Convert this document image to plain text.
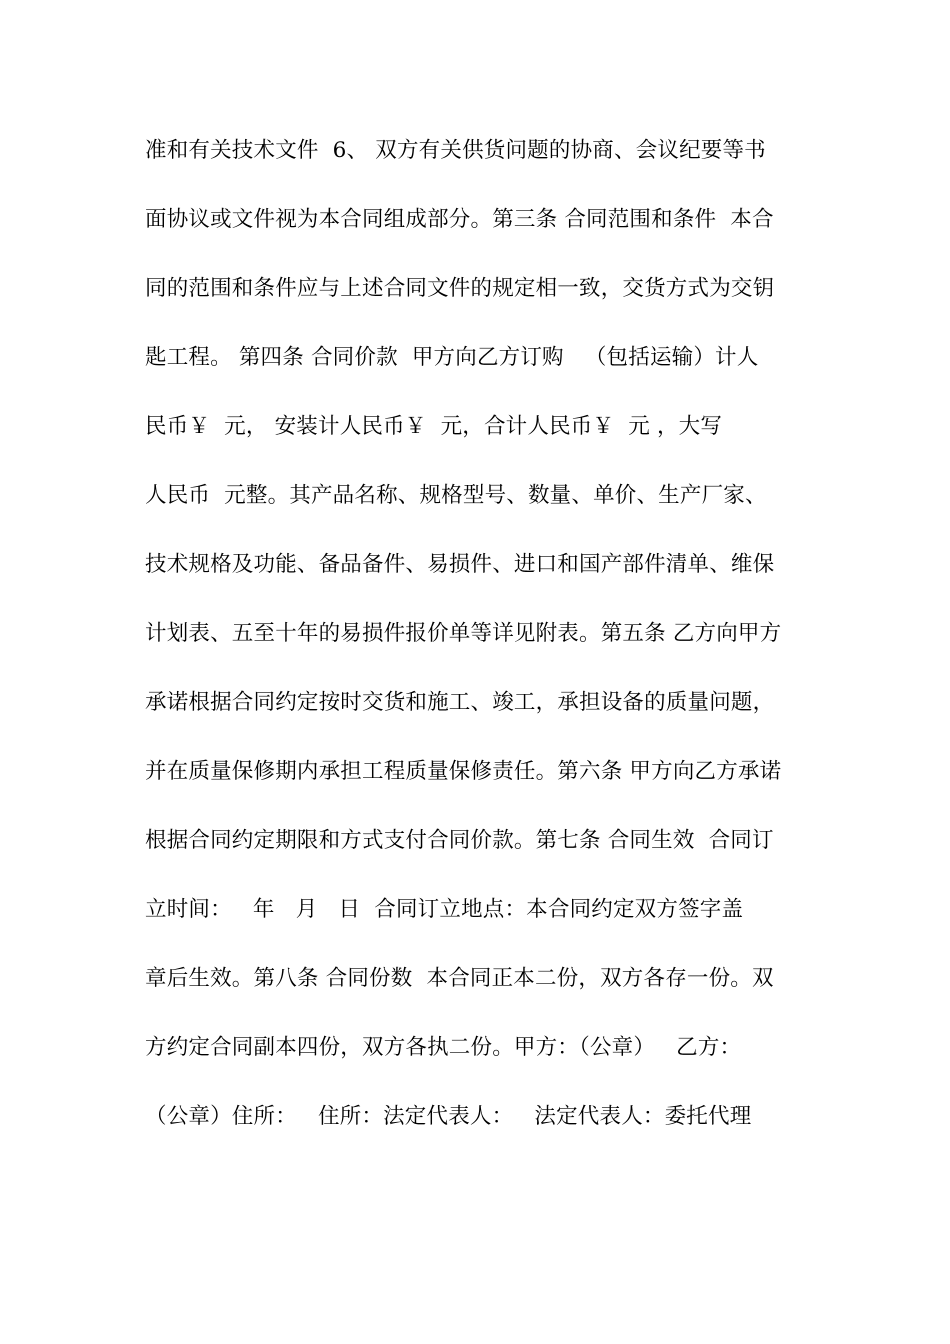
准和有关技术文件  6、 双方有关供货问题的协商、会议纪要等书
面协议或文件视为本合同组成部分。第三条 合同范围和条件  本合
同的范围和条件应与上述合同文件的规定相一致，交货方式为交钥
匙工程。 第四条 合同价款  甲方向乙方订购   （包括运输）计人
民币￥  元， 安装计人民币￥  元，合计人民币￥  元 ，大写
人民币  元整。其产品名称、规格型号、数量、单价、生产厂家、
技术规格及功能、备品备件、易损件、进口和国产部件清单、维保
计划表、五至十年的易损件报价单等详见附表。第五条 乙方向甲方
承诺根据合同约定按时交货和施工、竣工，承担设备的质量问题，
并在质量保修期内承担工程质量保修责任。第六条 甲方向乙方承诺
根据合同约定期限和方式支付合同价款。第七条 合同生效  合同订
立时间：   年   月   日  合同订立地点：本合同约定双方签字盖
章后生效。第八条 合同份数  本合同正本二份，双方各存一份。双
方约定合同副本四份，双方各执二份。甲方：（公章）   乙方：
（公章）住所：   住所：法定代表人：   法定代表人：委托代理
